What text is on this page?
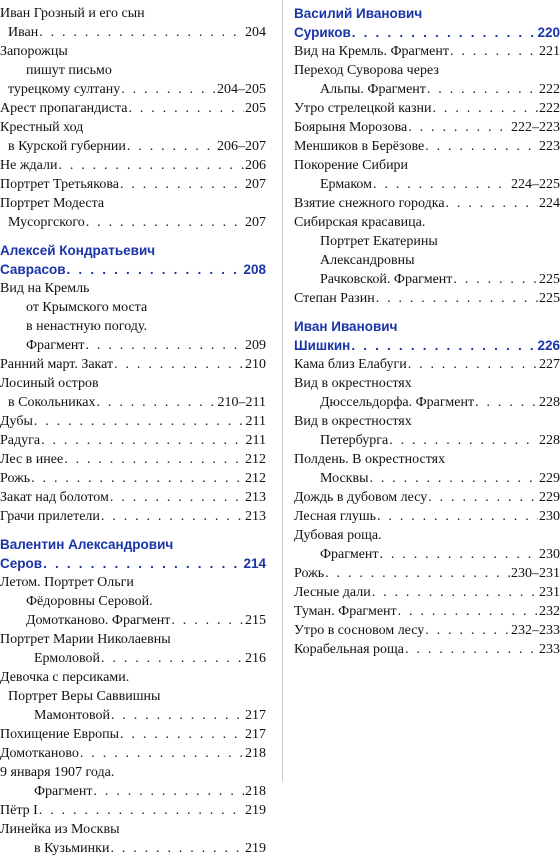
Иван Грозный и его сын
Иван . . .	204
Запорожцы
пишут письмо
турецкому султану . . .	204–205
Арест пропагандиста . . .	205
Крестный ход
в Курской губернии . . .	206–207
Не ждали . . .	206
Портрет Третьякова . . .	207
Портрет Модеста
Мусоргского . . .	207
Алексей Кондратьевич
Саврасов . . .	208
Вид на Кремль
от Крымского моста
в ненастную погоду.
Фрагмент . . .	209
Ранний март. Закат . . .	210
Лосиный остров
в Сокольниках . . .	210–211
Дубы . . .	211
Радуга . . .	211
Лес в инее . . .	212
Рожь . . .	212
Закат над болотом . . .	213
Грачи прилетели . . .	213
Валентин Александрович
Серов . . .	214
Летом. Портрет Ольги
Фёдоровны Серовой.
Домотканово. Фрагмент . . .	215
Портрет Марии Николаевны
Ермоловой . . .	216
Девочка с персиками.
Портрет Веры Саввишны
Мамонтовой . . .	217
Похищение Европы . . .	217
Домотканово . . .	218
9 января 1907 года.
Фрагмент . . .	218
Пётр I . . .	219
Линейка из Москвы
в Кузьминки . . .	219
Василий Иванович
Суриков . . .	220
Вид на Кремль. Фрагмент . . .	221
Переход Суворова через
Альпы. Фрагмент . . .	222
Утро стрелецкой казни . . .	222
Боярыня Морозова . . .	222–223
Меншиков в Берёзове . . .	223
Покорение Сибири
Ермаком . . .	224–225
Взятие снежного городка . . .	224
Сибирская красавица.
Портрет Екатерины
Александровны
Рачковской. Фрагмент . . .	225
Степан Разин . . .	225
Иван Иванович
Шишкин . . .	226
Кама близ Елабуги . . .	227
Вид в окрестностях
Дюссельдорфа. Фрагмент . . .	228
Вид в окрестностях
Петербурга . . .	228
Полдень. В окрестностях
Москвы . . .	229
Дождь в дубовом лесу . . .	229
Лесная глушь . . .	230
Дубовая роща.
Фрагмент . . .	230
Рожь . . .	230–231
Лесные дали . . .	231
Туман. Фрагмент . . .	232
Утро в сосновом лесу . . .	232–233
Корабельная роща . . .	233
